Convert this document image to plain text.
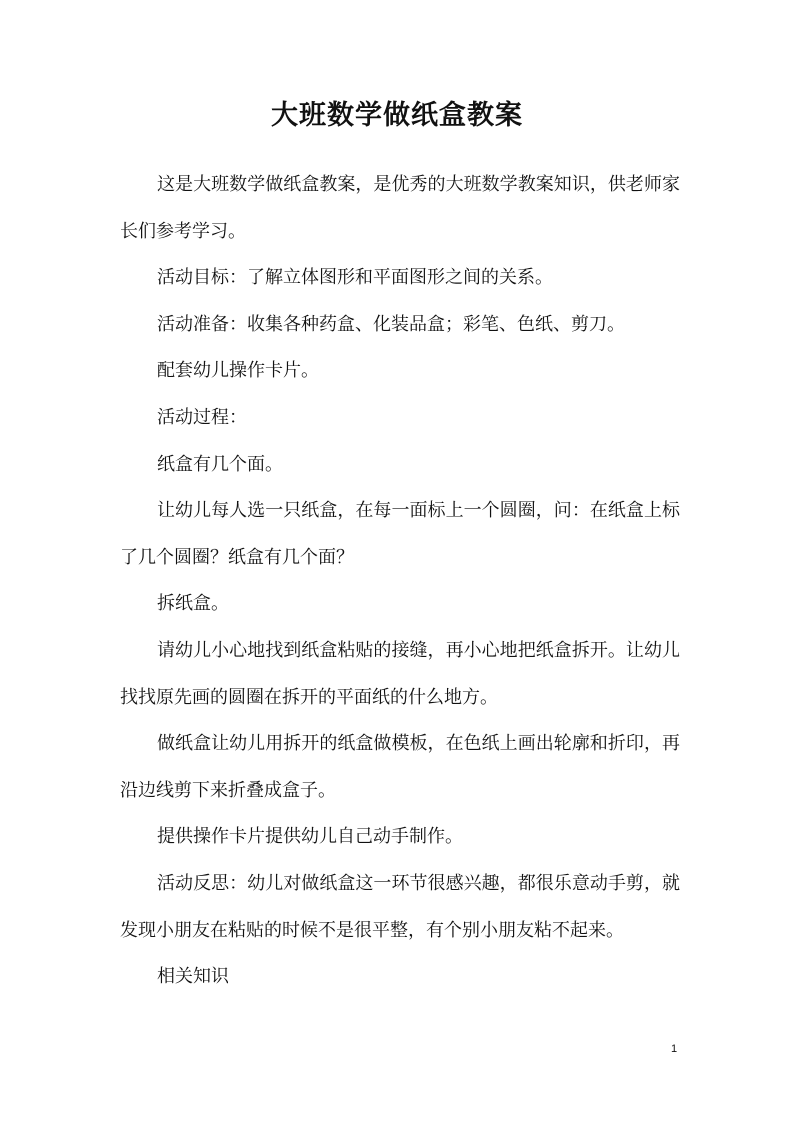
大班数学做纸盒教案

这是大班数学做纸盒教案，是优秀的大班数学教案知识，供老师家长们参考学习。

活动目标：了解立体图形和平面图形之间的关系。

活动准备：收集各种药盒、化装品盒；彩笔、色纸、剪刀。

配套幼儿操作卡片。

活动过程：

纸盒有几个面。

让幼儿每人选一只纸盒，在每一面标上一个圆圈，问：在纸盒上标了几个圆圈？纸盒有几个面？

拆纸盒。

请幼儿小心地找到纸盒粘贴的接缝，再小心地把纸盒拆开。让幼儿找找原先画的圆圈在拆开的平面纸的什么地方。

做纸盒让幼儿用拆开的纸盒做模板，在色纸上画出轮廓和折印，再沿边线剪下来折叠成盒子。

提供操作卡片提供幼儿自己动手制作。

活动反思：幼儿对做纸盒这一环节很感兴趣，都很乐意动手剪，就发现小朋友在粘贴的时候不是很平整，有个别小朋友粘不起来。

相关知识

1
